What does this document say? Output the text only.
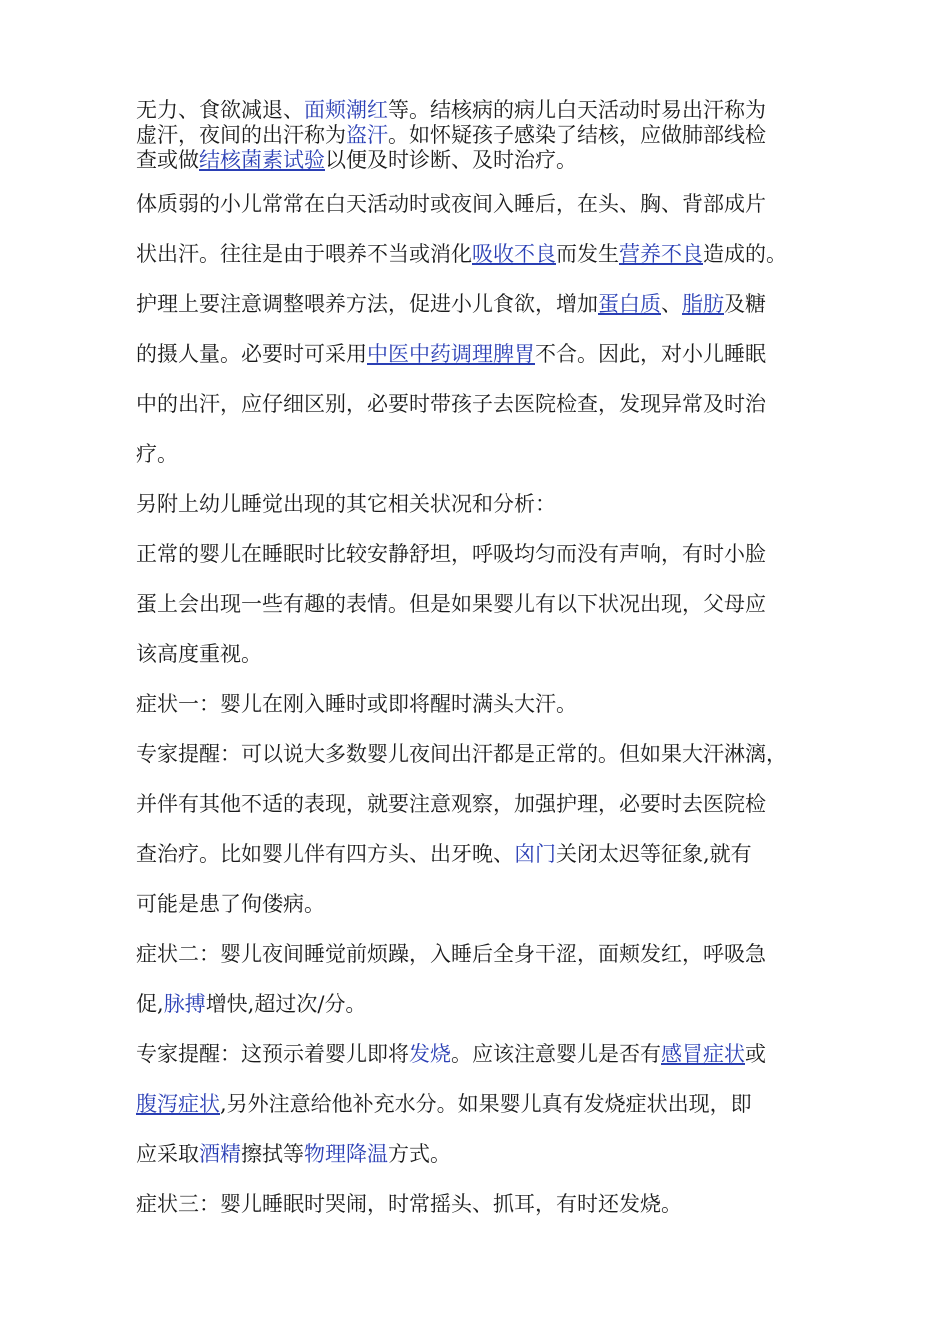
无力、食欲减退、面颊潮红等。结核病的病儿白天活动时易出汗称为
虚汗，夜间的出汗称为盗汗。如怀疑孩子感染了结核，应做肺部线检
查或做结核菌素试验以便及时诊断、及时治疗。
体质弱的小儿常常在白天活动时或夜间入睡后，在头、胸、背部成片
状出汗。往往是由于喂养不当或消化吸收不良而发生营养不良造成的。
护理上要注意调整喂养方法，促进小儿食欲，增加蛋白质、脂肪及糖
的摄人量。必要时可采用中医中药调理脾胃不合。因此，对小儿睡眠
中的出汗，应仔细区别，必要时带孩子去医院检查，发现异常及时治
疗。
另附上幼儿睡觉出现的其它相关状况和分析：
正常的婴儿在睡眠时比较安静舒坦，呼吸均匀而没有声响，有时小脸
蛋上会出现一些有趣的表情。但是如果婴儿有以下状况出现，父母应
该高度重视。
症状一：婴儿在刚入睡时或即将醒时满头大汗。
专家提醒：可以说大多数婴儿夜间出汗都是正常的。但如果大汗淋漓，
并伴有其他不适的表现，就要注意观察，加强护理，必要时去医院检
查治疗。比如婴儿伴有四方头、出牙晚、囟门关闭太迟等征象,就有
可能是患了佝偻病。
症状二：婴儿夜间睡觉前烦躁，入睡后全身干涩，面颊发红，呼吸急
促,脉搏增快,超过次/分。
专家提醒：这预示着婴儿即将发烧。应该注意婴儿是否有感冒症状或
腹泻症状,另外注意给他补充水分。如果婴儿真有发烧症状出现，即
应采取酒精擦拭等物理降温方式。
症状三：婴儿睡眠时哭闹，时常摇头、抓耳，有时还发烧。
